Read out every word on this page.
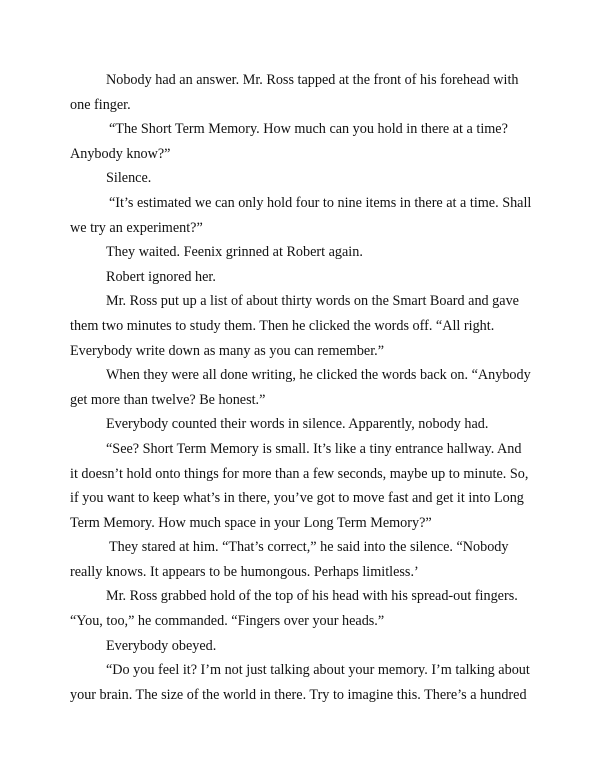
Nobody had an answer. Mr. Ross tapped at the front of his forehead with one finger.

“The Short Term Memory. How much can you hold in there at a time? Anybody know?”

Silence.

“It’s estimated we can only hold four to nine items in there at a time. Shall we try an experiment?”

They waited. Feenix grinned at Robert again.

Robert ignored her.

Mr. Ross put up a list of about thirty words on the Smart Board and gave them two minutes to study them. Then he clicked the words off. “All right. Everybody write down as many as you can remember.”

When they were all done writing, he clicked the words back on. “Anybody get more than twelve? Be honest.”

Everybody counted their words in silence. Apparently, nobody had.

“See? Short Term Memory is small. It’s like a tiny entrance hallway. And it doesn’t hold onto things for more than a few seconds, maybe up to minute. So, if you want to keep what’s in there, you’ve got to move fast and get it into Long Term Memory. How much space in your Long Term Memory?”

They stared at him. “That’s correct,” he said into the silence. “Nobody really knows. It appears to be humongous. Perhaps limitless.’

Mr. Ross grabbed hold of the top of his head with his spread-out fingers. “You, too,” he commanded. “Fingers over your heads.”

Everybody obeyed.

“Do you feel it? I’m not just talking about your memory. I’m talking about your brain. The size of the world in there. Try to imagine this. There’s a hundred
